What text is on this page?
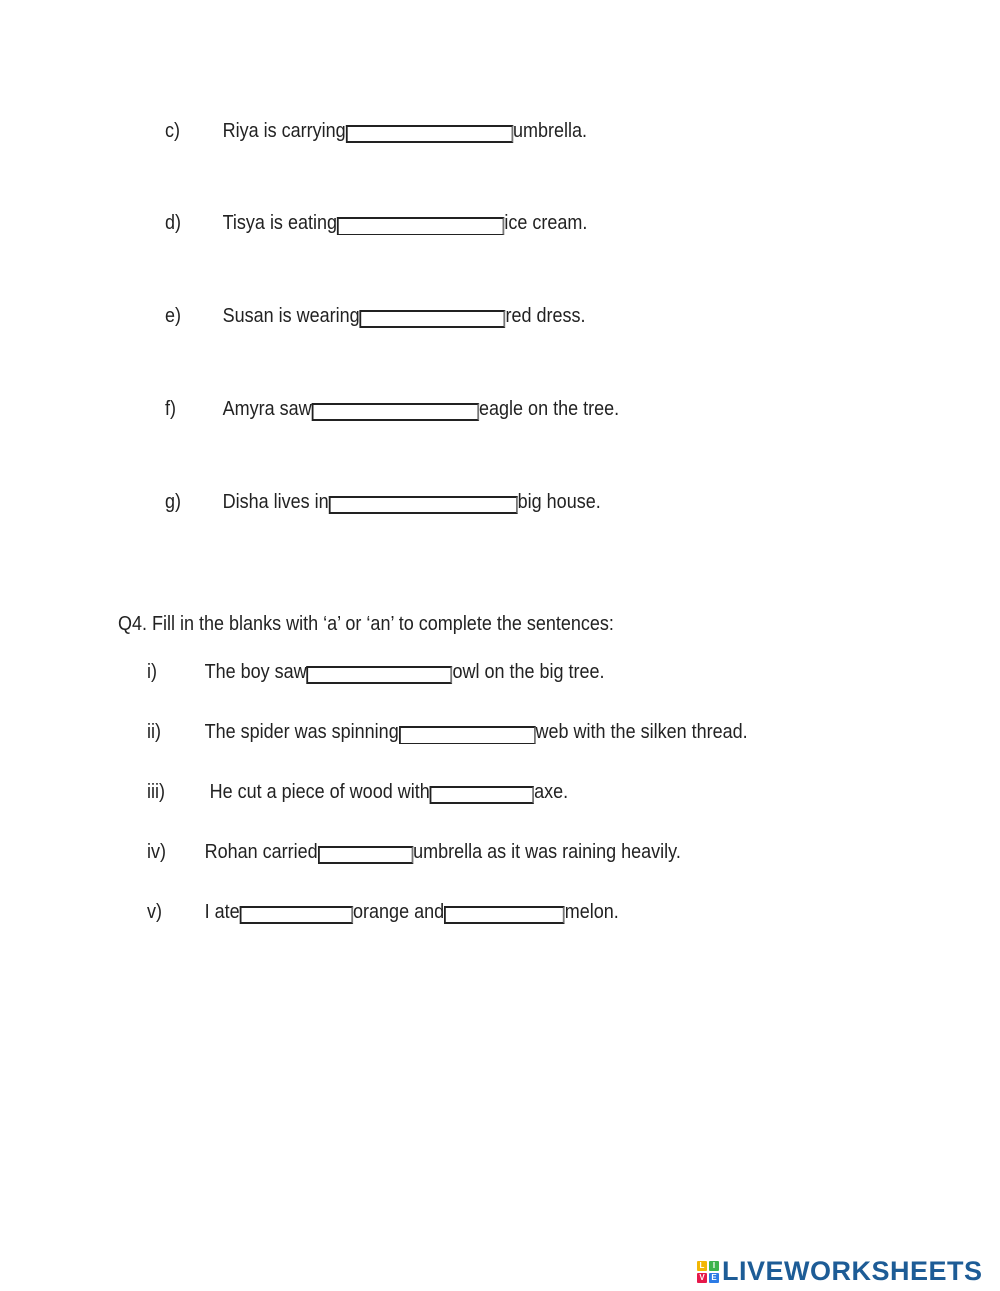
c) Riya is carrying	umbrella.
d) Tisya is eating	ice cream.
e) Susan is wearing	red dress.
f) Amyra saw	eagle on the tree.
g) Disha lives in	big house.
Q4. Fill in the blanks with ‘a’ or ‘an’ to complete the sentences:
i) The boy saw	owl on the big tree.
ii) The spider was spinning	web with the silken thread.
iii) He cut a piece of wood with	axe.
iv) Rohan carried	umbrella as it was raining heavily.
v) I ate	orange and	melon.
L	I
V E LIVEWORKSHEETS
